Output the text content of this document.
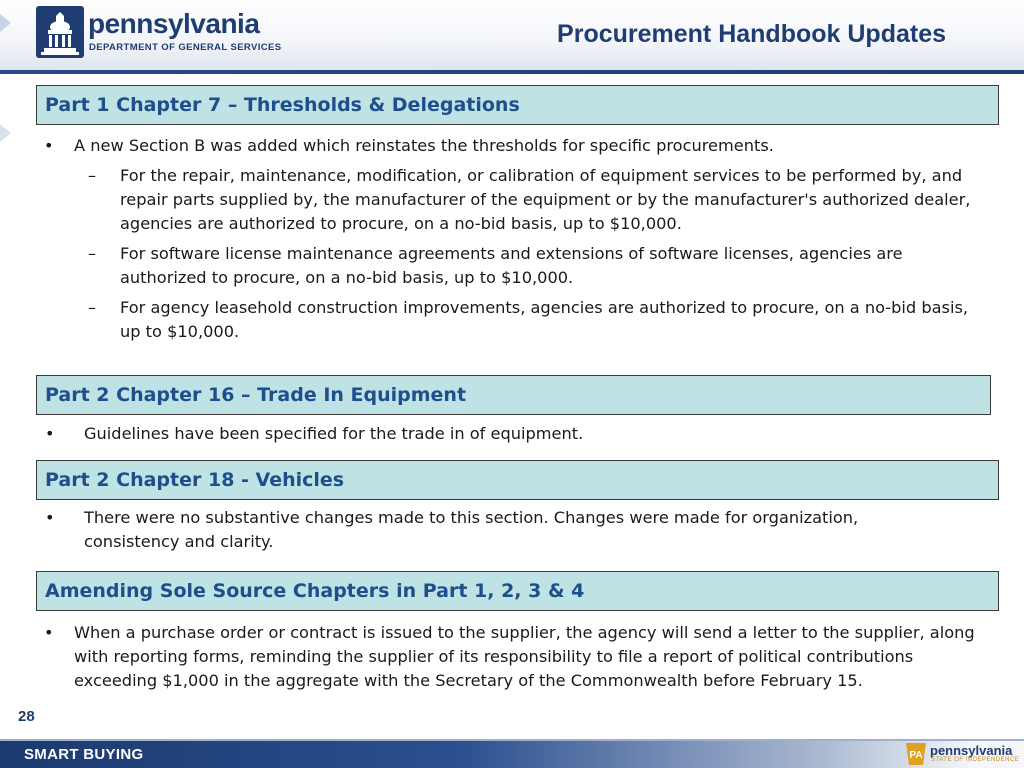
pennsylvania
DEPARTMENT OF GENERAL SERVICES	Procurement Handbook Updates
Part 1 Chapter 7 – Thresholds & Delegations
• A new Section B was added which reinstates the thresholds for specific procurements.
– For the repair, maintenance, modification, or calibration of equipment services to be performed by, and repair parts supplied by, the manufacturer of the equipment or by the manufacturer's authorized dealer, agencies are authorized to procure, on a no-bid basis, up to $10,000.
– For software license maintenance agreements and extensions of software licenses, agencies are authorized to procure, on a no-bid basis, up to $10,000.
– For agency leasehold construction improvements, agencies are authorized to procure, on a no-bid basis, up to $10,000.
Part 2 Chapter 16 – Trade In Equipment
• Guidelines have been specified for the trade in of equipment.
Part 2 Chapter 18 - Vehicles
• There were no substantive changes made to this section. Changes were made for organization, consistency and clarity.
Amending Sole Source Chapters in Part 1, 2, 3 & 4
• When a purchase order or contract is issued to the supplier, the agency will send a letter to the supplier, along with reporting forms, reminding the supplier of its responsibility to file a report of political contributions exceeding $1,000 in the aggregate with the Secretary of the Commonwealth before February 15.
28
SMART BUYING	PA pennsylvania
STATE OF INDEPENDENCE
